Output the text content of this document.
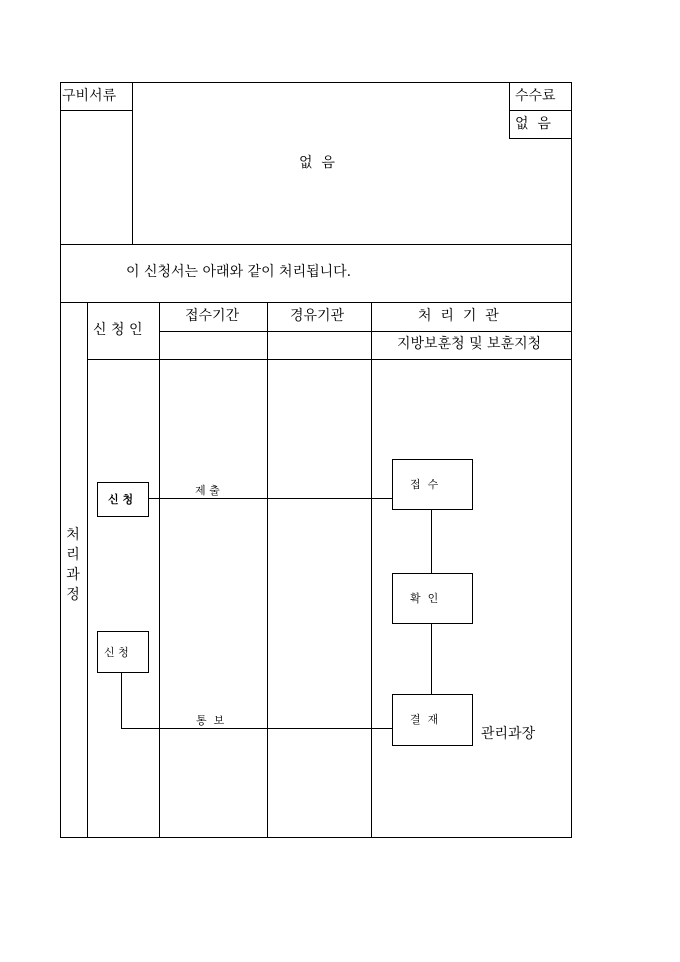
구비서류
없  음
수수료
없  음
이 신청서는 아래와 같이 처리됩니다.
신 청 인
접수기간	경유기관	처  리  기  관
지방보훈청 및 보훈지청
처
리
과
정
신 청
접  수
확  인
신 청
결  재
제 출
통  보
관리과장
